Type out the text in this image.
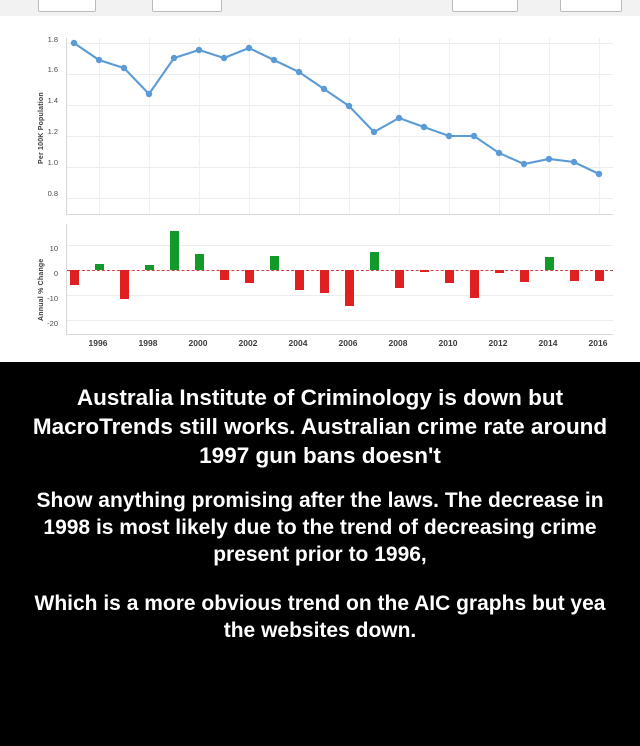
Per 100K Population
Annual % Change
1.8
1.6
1.4
1.2
1.0
0.8
10
0
-10
-20
1996	1998	2000	2002	2004	2006	2008	2010	2012	2014	2016

Australia Institute of Criminology is down but MacroTrends still works. Australian crime rate around 1997 gun bans doesn't

Show anything promising after the laws. The decrease in 1998 is most likely due to the trend of decreasing crime present prior to 1996,

Which is a more obvious trend on the AIC graphs but yea the websites down.
